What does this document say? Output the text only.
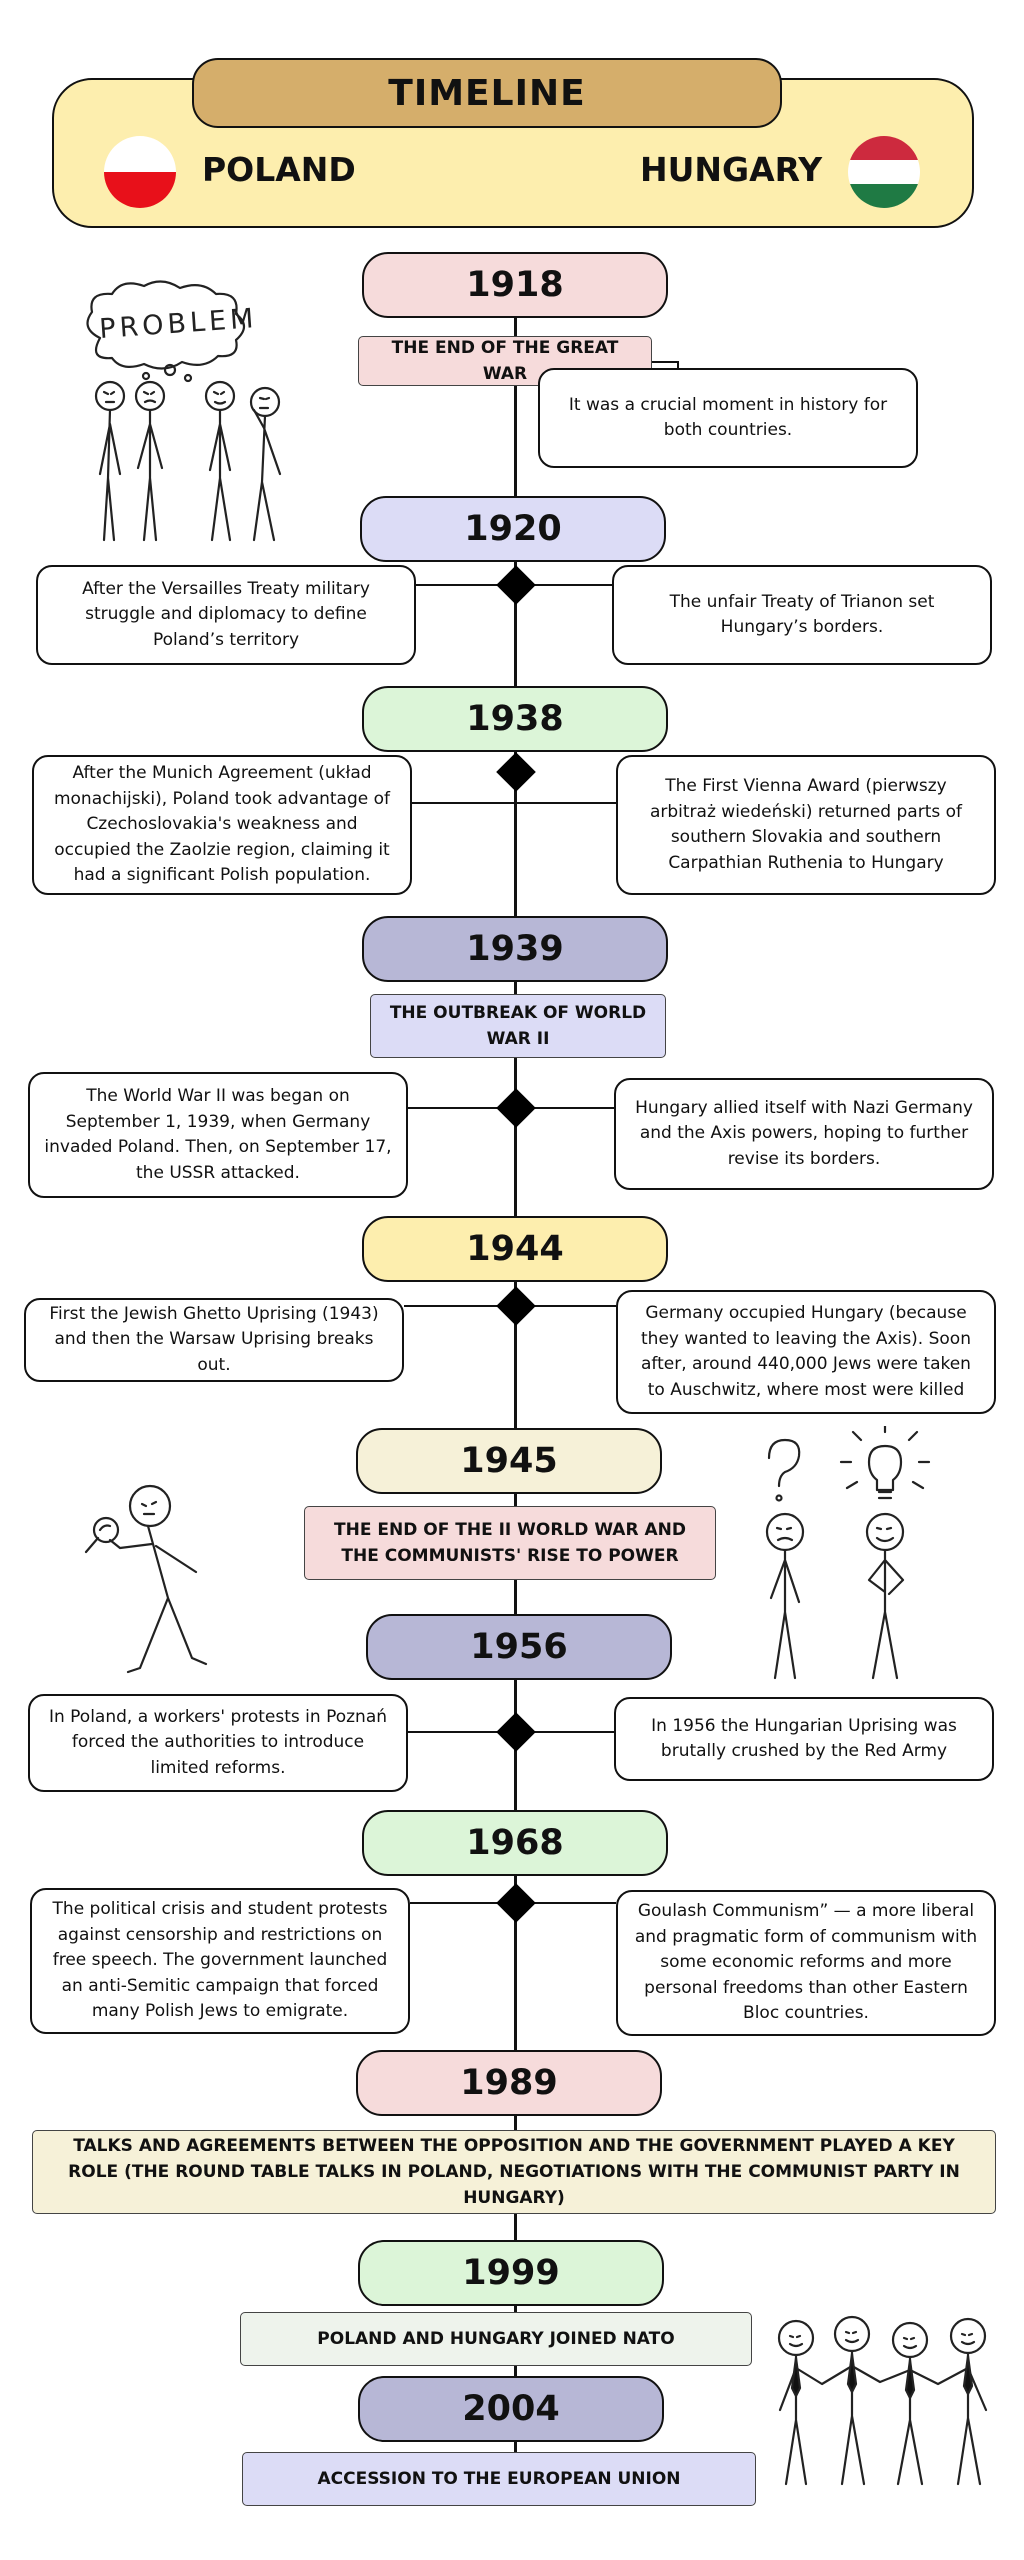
POLAND	HUNGARY
TIMELINE
1918
THE END OF THE GREAT WAR
It was a crucial moment in history for both countries.
PROBLEM
1920
After the Versailles Treaty military struggle and diplomacy to define Poland’s territory
The unfair Treaty of Trianon set Hungary’s borders.
1938
After the Munich Agreement (układ monachijski), Poland took advantage of Czechoslovakia's weakness and occupied the Zaolzie region, claiming it had a significant Polish population.
The First Vienna Award (pierwszy arbitraż wiedeński) returned parts of southern Slovakia and southern Carpathian Ruthenia to Hungary
1939
THE OUTBREAK OF WORLD WAR II
The World War II was began on September 1, 1939, when Germany invaded Poland. Then, on September 17, the USSR attacked.
Hungary allied itself with Nazi Germany and the Axis powers, hoping to further revise its borders.
1944
First the Jewish Ghetto Uprising (1943) and then the Warsaw Uprising breaks out.
Germany occupied Hungary (because they wanted to leaving the Axis). Soon after, around 440,000 Jews were taken to Auschwitz, where most were killed
1945
THE END OF THE II WORLD WAR AND THE COMMUNISTS' RISE TO POWER
1956
In Poland, a workers' protests in Poznań forced the authorities to introduce limited reforms.
In 1956 the Hungarian Uprising was brutally crushed by the Red Army
1968
The political crisis and student protests against censorship and restrictions on free speech. The government launched an anti-Semitic campaign that forced many Polish Jews to emigrate.
Goulash Communism” — a more liberal and pragmatic form of communism with some economic reforms and more personal freedoms than other Eastern Bloc countries.
1989
TALKS AND AGREEMENTS BETWEEN THE OPPOSITION AND THE GOVERNMENT PLAYED A KEY ROLE (THE ROUND TABLE TALKS IN POLAND, NEGOTIATIONS WITH THE COMMUNIST PARTY IN HUNGARY)
1999
POLAND AND HUNGARY JOINED NATO
2004
ACCESSION TO THE EUROPEAN UNION
